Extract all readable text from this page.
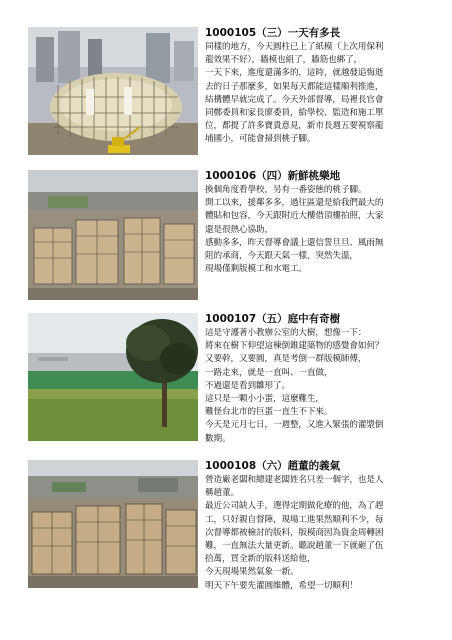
1000105（三）一天有多長
同樣的地方，今天圓柱已上了紙模（上次用保利
龍效果不好），牆模也組了，牆筋也綁了，
一天下來，進度還滿多的，這時，就越發追悔逝
去的日子那麼多，如果每天都能這樣順利推進，
結構體早就完成了。今天外部督導，局裡長官會
同鄭委員和家長廖委員，給學校、監造和施工單
位，都提了許多寶貴意見，新市長週五要視察龍
埔國小，可能會掃到桃子腳。
1000106（四）新鮮桃樂地
換個角度看學校，另有一番姿態的桃子腳。
開工以來，援鄰多多，過往區還是給我們最大的
體貼和包容，今天跟附近大樓借頂樓拍照，大家
還是很熱心協助，
感動多多，昨天督導會議上還信誓旦旦、風雨無
阻的承商，今天跟天氣一樣，突然失溫，
現場僅剩版模工和水電工。
1000107（五）庭中有奇樹
這是守護著小教辦公室的大樹，想像一下：
將來在樹下仰望這棟倒錐建築物的感覺會如何？
又要幹，又要圓，真是考倒一群版模師傅，
一路走來，就是一直叫、一直做，
不過還是看到雛形了。
這只是一顆小小蛋，這麼難生，
難怪台北市的巨蛋一直生不下來。
今天是元月七日，一週整，又進入緊張的灌漿倒
數期。
1000108（六）趙董的義氣
營造廠老闆和總建老闆姓名只差一個字，也是人
稱趙董。
最近公司缺人手，選得定期做化療的他，為了趕
工，只好親自督陣，現場工進果然順利不少，每
次督導都被檢討的版料，版模商因為資金周轉困
難，一直無法大量更新。聽說趙董一下就砸了伍
拾萬，買全新的版料送給他，
今天現場果然氣象一新。
明天下午要先灌圓維體，希望一切順利！
